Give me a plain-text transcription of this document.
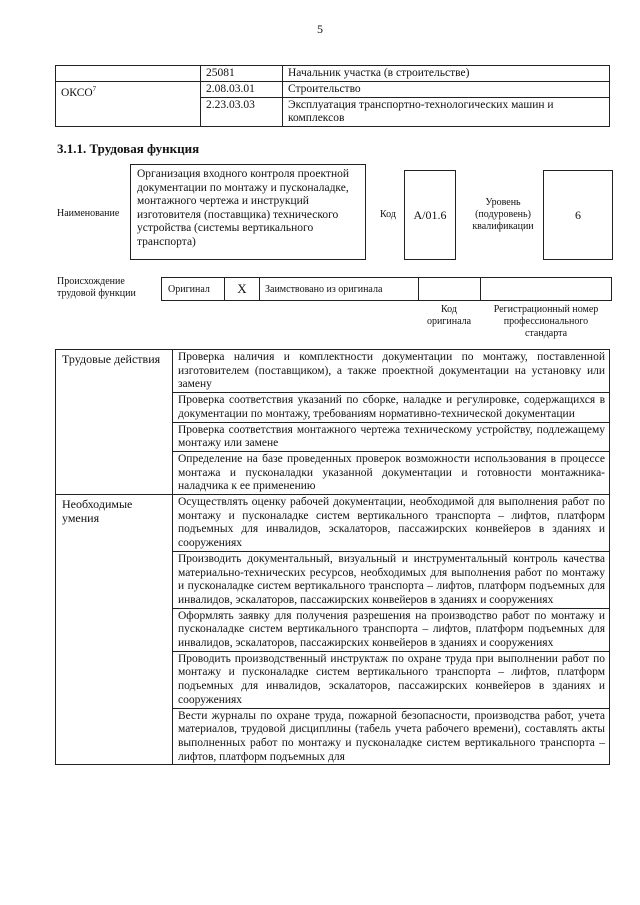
5
	25081	Начальник участка (в строительстве)
ОКСО$^7$	2.08.03.01	Строительство
	2.23.03.03	Эксплуатация транспортно-технологических машин и комплексов
3.1.1. Трудовая функция
Наименование
Организация входного контроля проектной документации по монтажу и пусконаладке, монтажного чертежа и инструкций изготовителя (поставщика) технического устройства (системы вертикального транспорта)
Код	A/01.6
Уровень (подуровень) квалификации
6
Происхождение трудовой функции	Оригинал	X	Заимствовано из оригинала
Код оригинала
Регистрационный номер профессионального стандарта
Трудовые действия	Проверка наличия и комплектности документации по монтажу, поставленной изготовителем (поставщиком), а также проектной документации на установку или замену
	Проверка соответствия указаний по сборке, наладке и регулировке, содержащихся в документации по монтажу, требованиям нормативно-технической документации
	Проверка соответствия монтажного чертежа техническому устройству, подлежащему монтажу или замене
	Определение на базе проведенных проверок возможности использования в процессе монтажа и пусконаладки указанной документации и готовности монтажника-наладчика к ее применению
Необходимые умения	Осуществлять оценку рабочей документации, необходимой для выполнения работ по монтажу и пусконаладке систем вертикального транспорта – лифтов, платформ подъемных для инвалидов, эскалаторов, пассажирских конвейеров в зданиях и сооружениях
	Производить документальный, визуальный и инструментальный контроль качества материально-технических ресурсов, необходимых для выполнения работ по монтажу и пусконаладке систем вертикального транспорта – лифтов, платформ подъемных для инвалидов, эскалаторов, пассажирских конвейеров в зданиях и сооружениях
	Оформлять заявку для получения разрешения на производство работ по монтажу и пусконаладке систем вертикального транспорта – лифтов, платформ подъемных для инвалидов, эскалаторов, пассажирских конвейеров в зданиях и сооружениях
	Проводить производственный инструктаж по охране труда при выполнении работ по монтажу и пусконаладке систем вертикального транспорта – лифтов, платформ подъемных для инвалидов, эскалаторов, пассажирских конвейеров в зданиях и сооружениях
	Вести журналы по охране труда, пожарной безопасности, производства работ, учета материалов, трудовой дисциплины (табель учета рабочего времени), составлять акты выполненных работ по монтажу и пусконаладке систем вертикального транспорта – лифтов, платформ подъемных для
